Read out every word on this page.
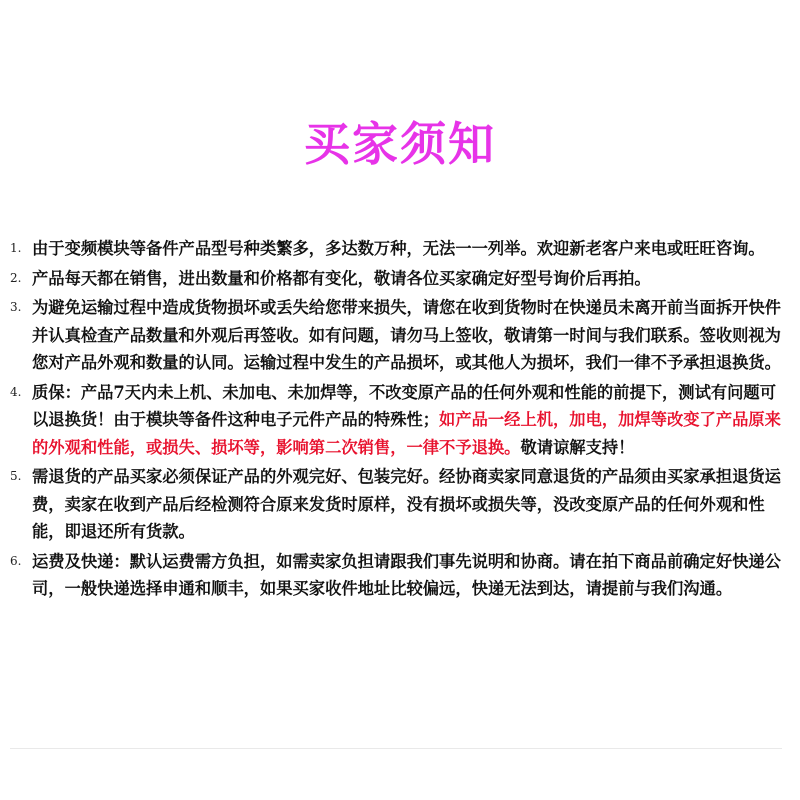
买家须知
1. 由于变频模块等备件产品型号种类繁多，多达数万种，无法一一列举。欢迎新老客户来电或旺旺咨询。
2. 产品每天都在销售，进出数量和价格都有变化，敬请各位买家确定好型号询价后再拍。
3. 为避免运输过程中造成货物损坏或丢失给您带来损失，请您在收到货物时在快递员未离开前当面拆开快件并认真检查产品数量和外观后再签收。如有问题，请勿马上签收，敬请第一时间与我们联系。签收则视为您对产品外观和数量的认同。运输过程中发生的产品损坏，或其他人为损坏，我们一律不予承担退换货。
4. 质保：产品7天内未上机、未加电、未加焊等，不改变原产品的任何外观和性能的前提下，测试有问题可以退换货！由于模块等备件这种电子元件产品的特殊性；如产品一经上机，加电，加焊等改变了产品原来的外观和性能，或损失、损坏等，影响第二次销售，一律不予退换。敬请谅解支持！
5. 需退货的产品买家必须保证产品的外观完好、包装完好。经协商卖家同意退货的产品须由买家承担退货运费，卖家在收到产品后经检测符合原来发货时原样，没有损坏或损失等，没改变原产品的任何外观和性能，即退还所有货款。
6. 运费及快递：默认运费需方负担，如需卖家负担请跟我们事先说明和协商。请在拍下商品前确定好快递公司，一般快递选择申通和顺丰，如果买家收件地址比较偏远，快递无法到达，请提前与我们沟通。
